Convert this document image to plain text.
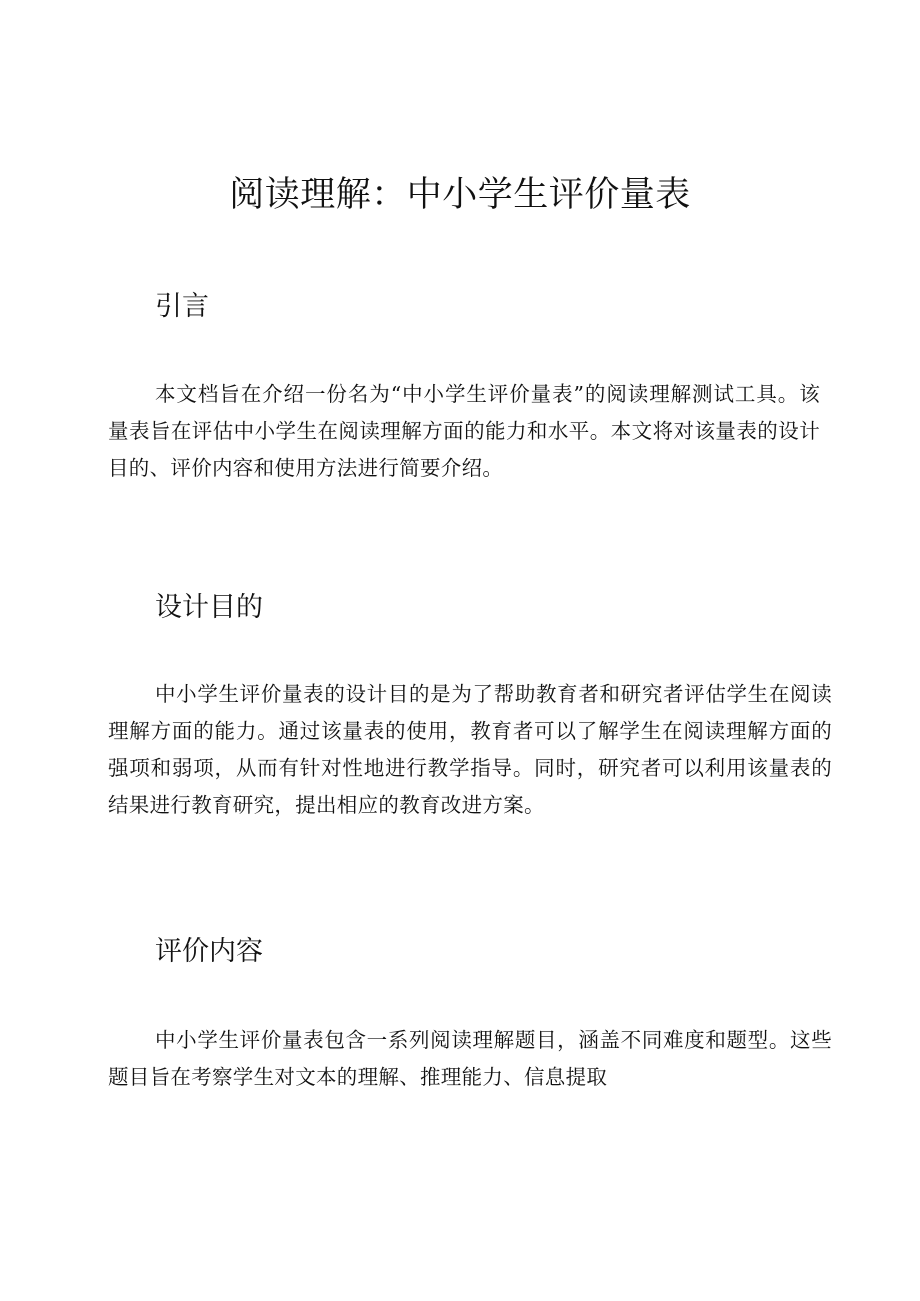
阅读理解：中小学生评价量表
引言

本文档旨在介绍一份名为“中小学生评价量表”的阅读理解测试工具。该量表旨在评估中小学生在阅读理解方面的能力和水平。本文将对该量表的设计目的、评价内容和使用方法进行简要介绍。

设计目的

中小学生评价量表的设计目的是为了帮助教育者和研究者评估学生在阅读理解方面的能力。通过该量表的使用，教育者可以了解学生在阅读理解方面的强项和弱项，从而有针对性地进行教学指导。同时，研究者可以利用该量表的结果进行教育研究，提出相应的教育改进方案。

评价内容

中小学生评价量表包含一系列阅读理解题目，涵盖不同难度和题型。这些题目旨在考察学生对文本的理解、推理能力、信息提取
